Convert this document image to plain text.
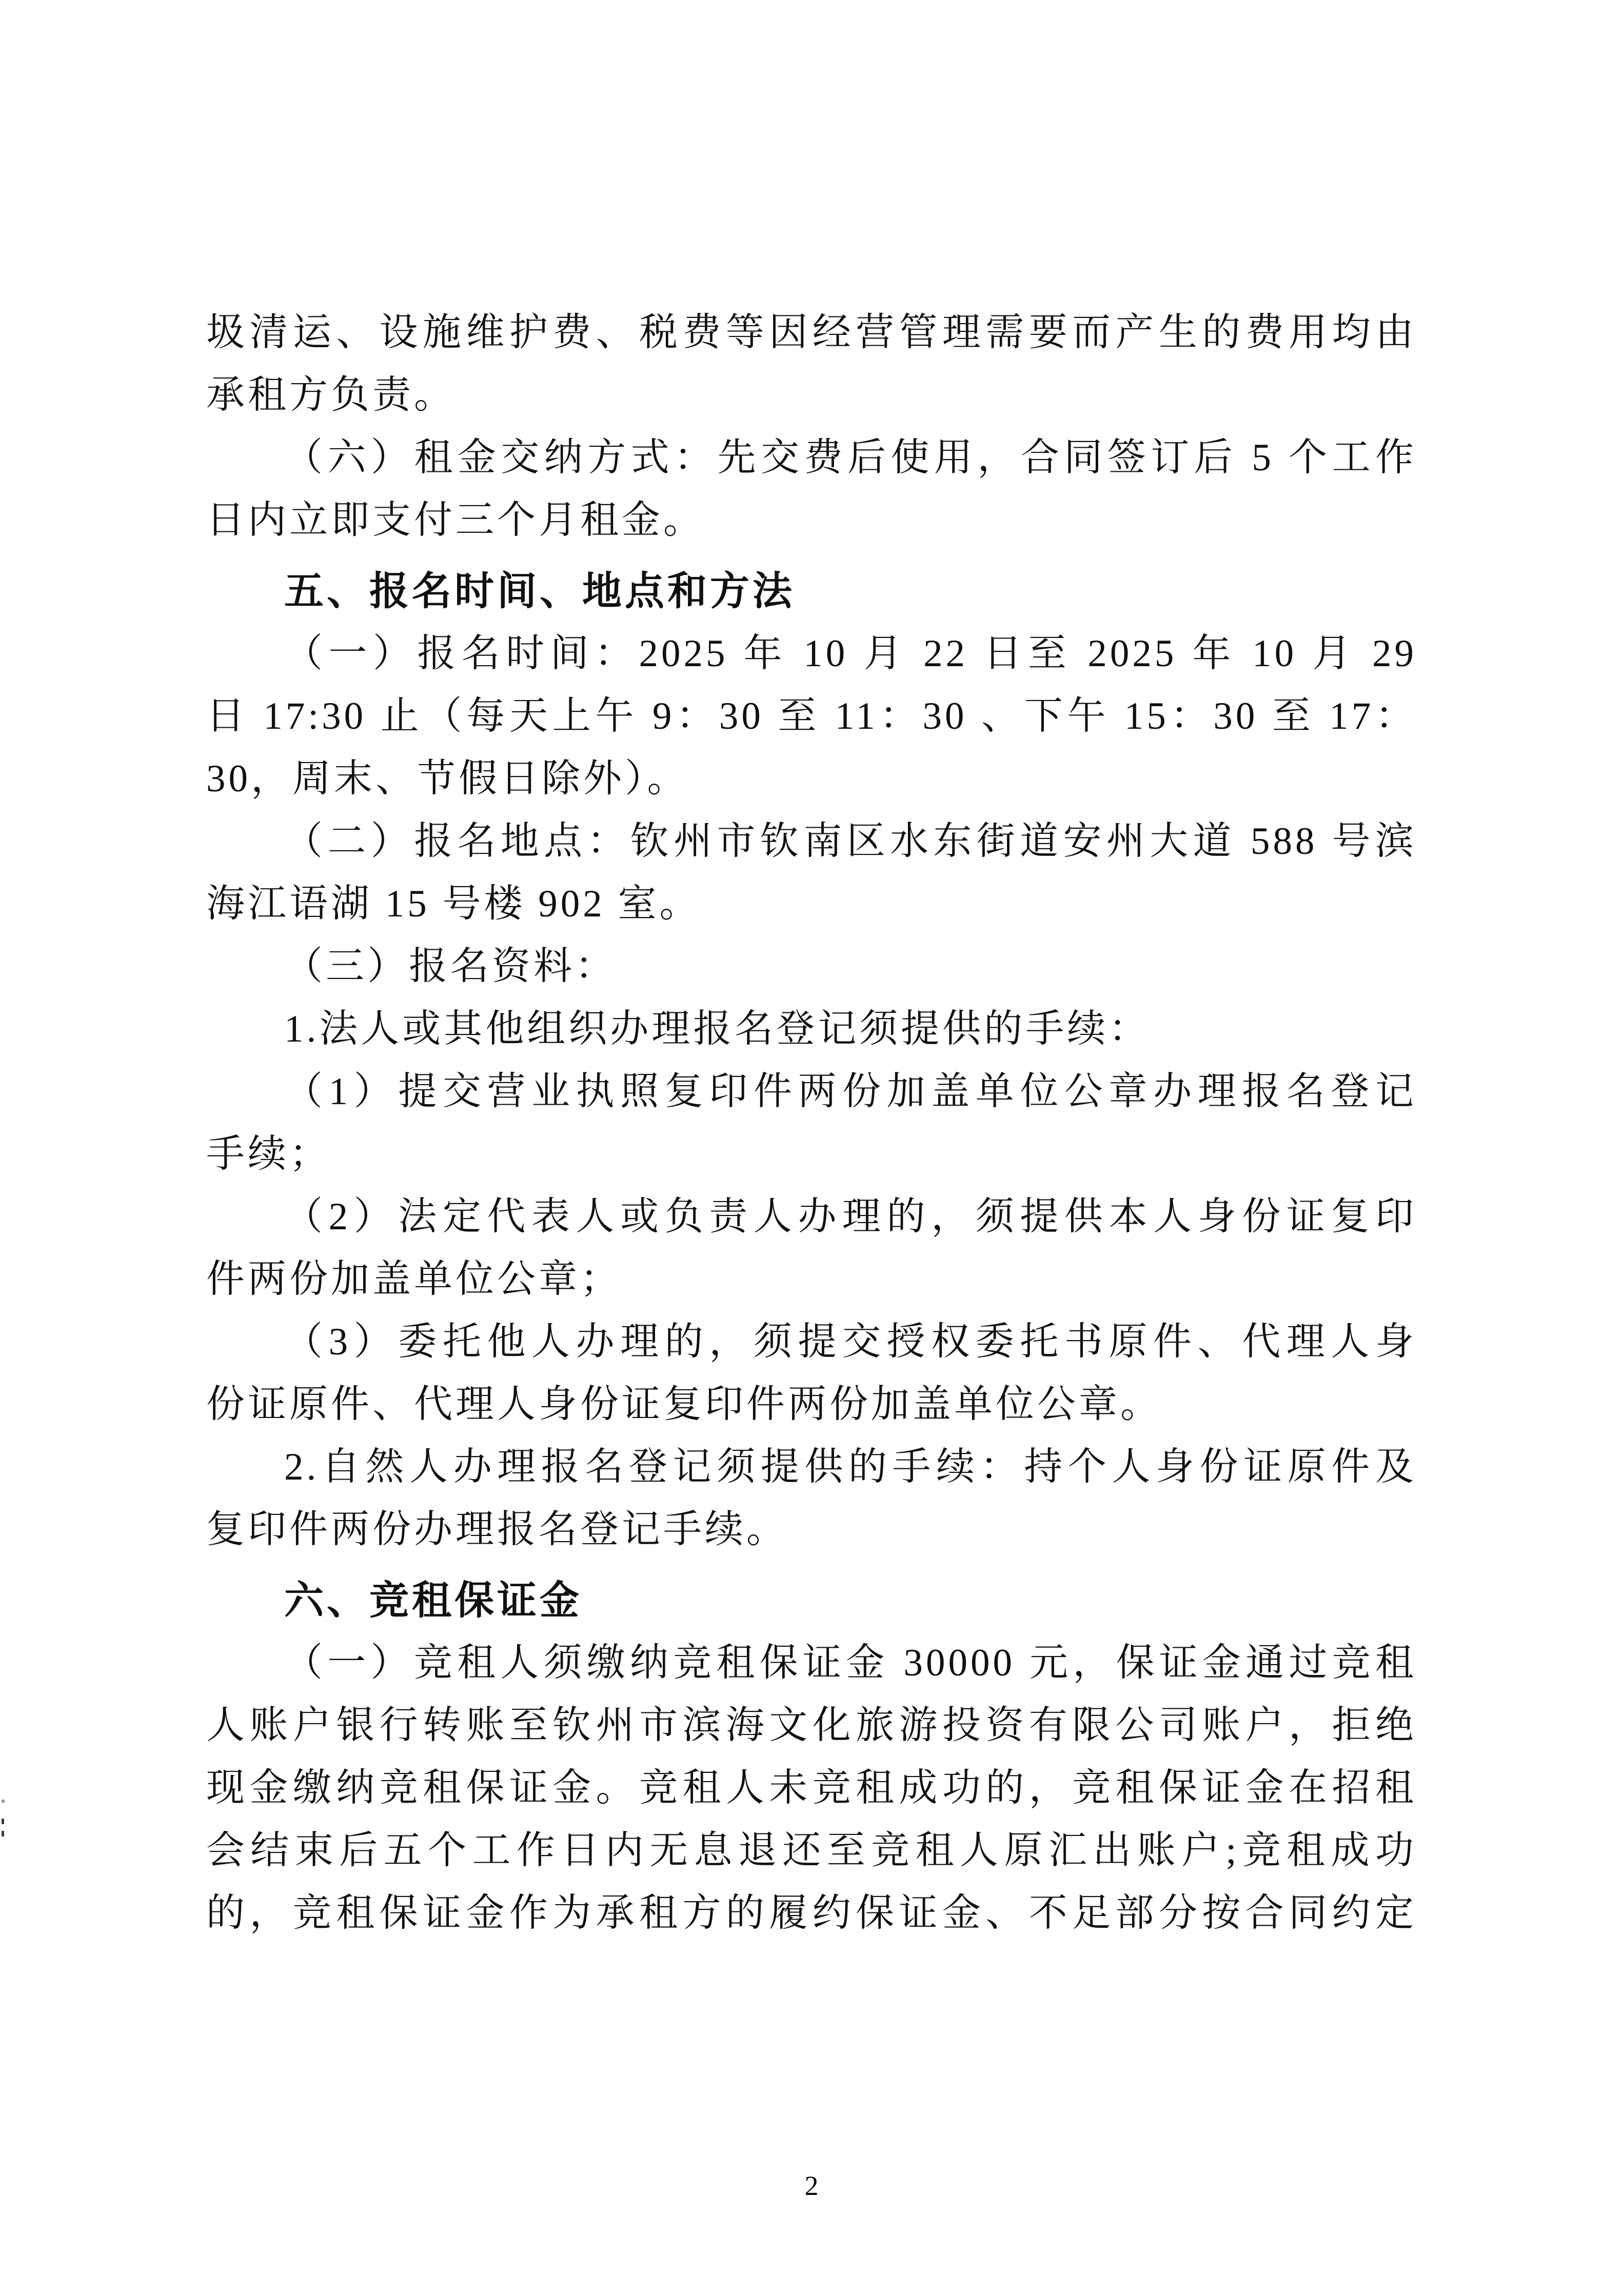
圾清运、设施维护费、税费等因经营管理需要而产生的费用均由
承租方负责。
（六）租金交纳方式：先交费后使用，合同签订后 5 个工作
日内立即支付三个月租金。
五、报名时间、地点和方法
（一）报名时间：2025 年 10 月 22 日至 2025 年 10 月 29
日 17:30 止（每天上午 9：30 至 11：30 、下午 15：30 至 17：
30，周末、节假日除外）。
（二）报名地点：钦州市钦南区水东街道安州大道 588 号滨
海江语湖 15 号楼 902 室。
（三）报名资料：
1.法人或其他组织办理报名登记须提供的手续：
（1）提交营业执照复印件两份加盖单位公章办理报名登记
手续；
（2）法定代表人或负责人办理的，须提供本人身份证复印
件两份加盖单位公章；
（3）委托他人办理的，须提交授权委托书原件、代理人身
份证原件、代理人身份证复印件两份加盖单位公章。
2.自然人办理报名登记须提供的手续：持个人身份证原件及
复印件两份办理报名登记手续。
六、竞租保证金
（一）竞租人须缴纳竞租保证金 30000 元，保证金通过竞租
人账户银行转账至钦州市滨海文化旅游投资有限公司账户，拒绝
现金缴纳竞租保证金。竞租人未竞租成功的，竞租保证金在招租
会结束后五个工作日内无息退还至竞租人原汇出账户;竞租成功
的，竞租保证金作为承租方的履约保证金、不足部分按合同约定
2
